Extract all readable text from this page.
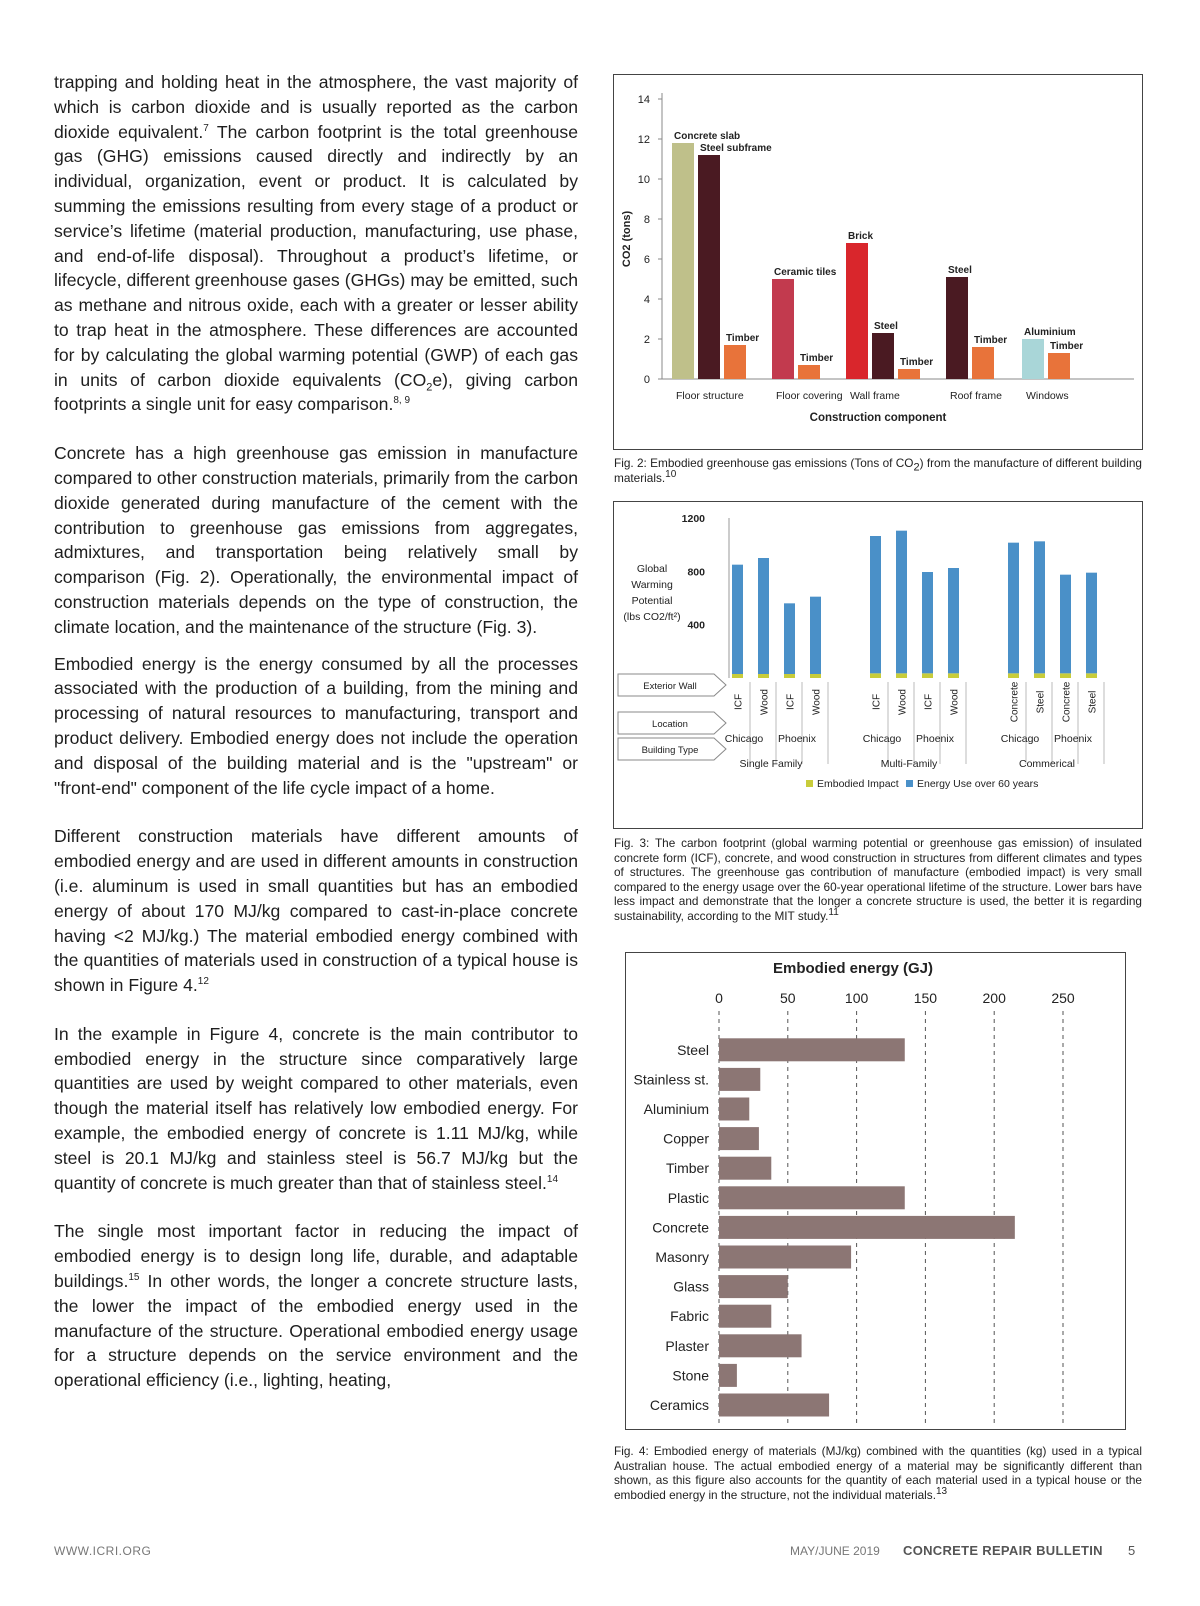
trapping and holding heat in the atmosphere, the vast majority of which is carbon dioxide and is usually reported as the carbon dioxide equivalent.$^7$ The carbon footprint is the total greenhouse gas (GHG) emissions caused directly and indirectly by an individual, organization, event or product. It is calculated by summing the emissions resulting from every stage of a product or service’s lifetime (material production, manufacturing, use phase, and end-of-life disposal). Throughout a product’s lifetime, or lifecycle, different greenhouse gases (GHGs) may be emitted, such as methane and nitrous oxide, each with a greater or lesser ability to trap heat in the atmosphere. These differences are accounted for by calculating the global warming potential (GWP) of each gas in units of carbon dioxide equivalents $(CO_2e)$, giving carbon footprints a single unit for easy comparison.$^{8, 9}$

Concrete has a high greenhouse gas emission in manufacture compared to other construction materials, primarily from the carbon dioxide generated during manufacture of the cement with the contribution to greenhouse gas emissions from aggregates, admixtures, and transportation being relatively small by comparison (Fig. 2). Operationally, the environmental impact of construction materials depends on the type of construction, the climate location, and the maintenance of the structure (Fig. 3).

Embodied energy is the energy consumed by all the processes associated with the production of a building, from the mining and processing of natural resources to manufacturing, transport and product delivery. Embodied energy does not include the operation and disposal of the building material and is the "upstream" or "front-end" component of the life cycle impact of a home.

Different construction materials have different amounts of embodied energy and are used in different amounts in construction (i.e. aluminum is used in small quantities but has an embodied energy of about 170 MJ/kg compared to cast-in-place concrete having <2 MJ/kg.) The material embodied energy combined with the quantities of materials used in construction of a typical house is shown in Figure 4.12

In the example in Figure 4, concrete is the main contributor to embodied energy in the structure since comparatively large quantities are used by weight compared to other materials, even though the material itself has relatively low embodied energy. For example, the embodied energy of concrete is 1.11 MJ/kg, while steel is 20.1 MJ/kg and stainless steel is 56.7 MJ/kg but the quantity of concrete is much greater than that of stainless steel.$^{14}$

The single most important factor in reducing the impact of embodied energy is to design long life, durable, and adaptable buildings.$^{15}$ In other words, the longer a concrete structure lasts, the lower the impact of the embodied energy used in the manufacture of the structure. Operational embodied energy usage for a structure depends on the service environment and the operational efficiency (i.e., lighting, heating,

0
2
4
6
8
10
12
14
CO2 (tons)
Concrete slab
Steel subframe
Timber
Ceramic tiles
Timber
Brick
Steel
Timber
Steel
Timber
Aluminium
Timber
Floor structure	Floor covering Wall frame	Roof frame Windows
Construction component
Fig. 2: Embodied greenhouse gas emissions (Tons of $CO_2$) from the manufacture of different building materials.$^{10}$
400
800
1200
Global
Warming
Potential
(lbs CO2/ft²)
ICF Wood ICF Wood	ICF Wood ICF Wood	Concrete Steel Concrete Steel
Exterior Wall
Location
Building Type
Chicago Phoenix	Chicago Phoenix	Chicago Phoenix
Single Family	Multi-Family	Commerical
Embodied Impact Energy Use over 60 years
Fig. 3: The carbon footprint (global warming potential or greenhouse gas emission) of insulated concrete form (ICF), concrete, and wood construction in structures from different climates and types of structures. The greenhouse gas contribution of manufacture (embodied impact) is very small compared to the energy usage over the 60-year operational lifetime of the structure. Lower bars have less impact and demonstrate that the longer a concrete structure is used, the better it is regarding sustainability, according to the MIT study.$^{11}$
Embodied energy (GJ)
0	50	100	150	200	250
Steel
Stainless st.
Aluminium
Copper
Timber
Plastic
Concrete
Masonry
Glass
Fabric
Plaster
Stone
Ceramics
Fig. 4: Embodied energy of materials (MJ/kg) combined with the quantities (kg) used in a typical Australian house. The actual embodied energy of a material may be significantly different than shown, as this figure also accounts for the quantity of each material used in a typical house or the embodied energy in the structure, not the individual materials.$^{13}$
WWW.ICRI.ORG	MAY/JUNE 2019 CONCRETE REPAIR BULLETIN 5
